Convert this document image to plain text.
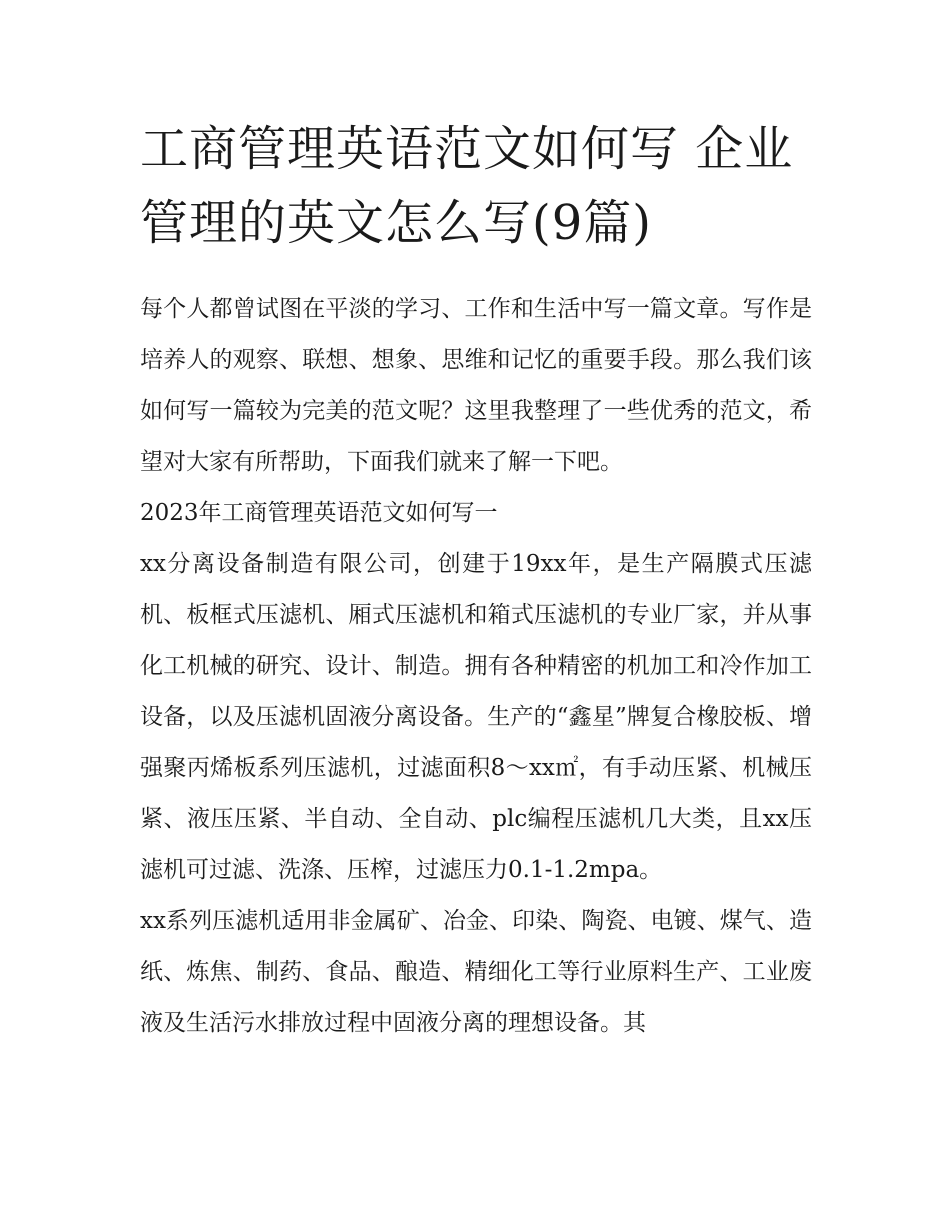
工商管理英语范文如何写 企业管理的英文怎么写(9篇)

每个人都曾试图在平淡的学习、工作和生活中写一篇文章。写作是培养人的观察、联想、想象、思维和记忆的重要手段。那么我们该如何写一篇较为完美的范文呢？这里我整理了一些优秀的范文，希望对大家有所帮助，下面我们就来了解一下吧。

2023年工商管理英语范文如何写一

xx分离设备制造有限公司，创建于19xx年，是生产隔膜式压滤机、板框式压滤机、厢式压滤机和箱式压滤机的专业厂家，并从事化工机械的研究、设计、制造。拥有各种精密的机加工和冷作加工设备，以及压滤机固液分离设备。生产的“鑫星”牌复合橡胶板、增强聚丙烯板系列压滤机，过滤面积8～xx㎡，有手动压紧、机械压紧、液压压紧、半自动、全自动、plc编程压滤机几大类，且xx压滤机可过滤、洗涤、压榨，过滤压力0.1-1.2mpa。

xx系列压滤机适用非金属矿、冶金、印染、陶瓷、电镀、煤气、造纸、炼焦、制药、食品、酿造、精细化工等行业原料生产、工业废液及生活污水排放过程中固液分离的理想设备。其
